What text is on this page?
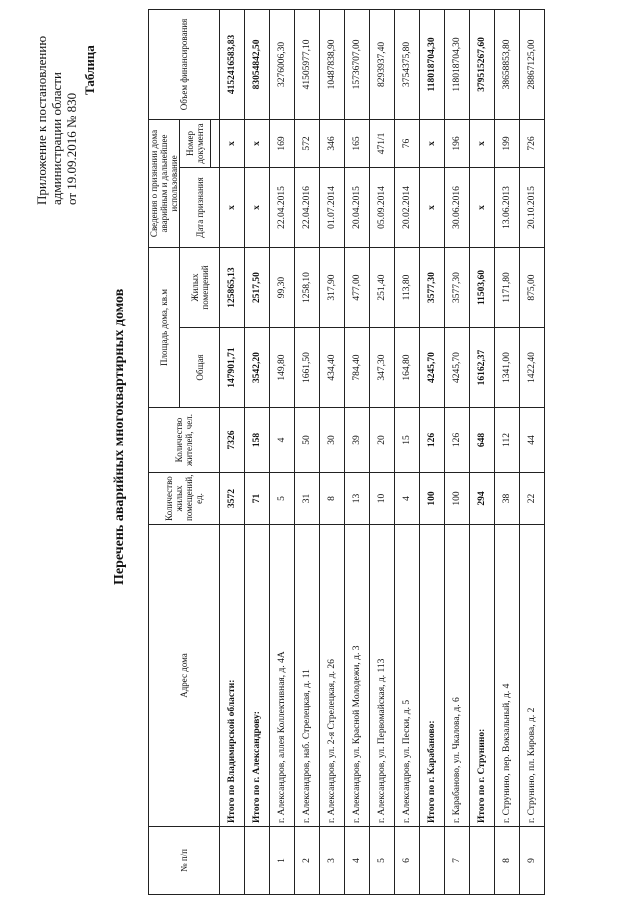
Приложение к постановлению администрации области от 19.09.2016 № 830
Таблица
Перечень аварийных многоквартирных домов
№ п/п	Адрес дома	Количество жилых помещений, ед.	Количество жителей, чел.	Площадь дома, кв.м		Сведения о признании дома аварийным и дальнейшее использование		Объем финансирования
				Общая	Жилых помещений	Дата признания	Номер документа	

	Итого по Владимирской области:	3572	7326	147901,71	125865,13	х	х	4152416583,83
	Итого по г. Александрову:	71	158	3542,20	2517,50	х	х	83054842,50
1	г. Александров, аллея Коллективная, д. 4А	5	4	149,80	99,30	22.04.2015	169	3276006,30
2	г. Александров, наб. Стрелецкая, д. 11	31	50	1661,50	1258,10	22.04.2016	572	41505977,10
3	г. Александров, ул. 2-я Стрелецкая, д. 26	8	30	434,40	317,90	01.07.2014	346	10487838,90
4	г. Александров, ул. Красной Молодежи, д. 3	13	39	784,40	477,00	20.04.2015	165	15736707,00
5	г. Александров, ул. Первомайская, д. 113	10	20	347,30	251,40	05.09.2014	471/1	8293937,40
6	г. Александров, ул. Пески, д. 5	4	15	164,80	113,80	20.02.2014	76	3754375,80
	Итого по г. Карабаново:	100	126	4245,70	3577,30	х	х	118018704,30
7	г. Карабаново, ул. Чкалова, д. 6	100	126	4245,70	3577,30	30.06.2016	196	118018704,30
	Итого по г. Струнино:	294	648	16162,37	11503,60	х	х	379515267,60
8	г. Струнино, пер. Вокзальный, д. 4	38	112	1341,00	1171,80	13.06.2013	199	38658853,80
9	г. Струнино, пл. Кирова, д. 2	22	44	1422,40	875,00	20.10.2015	726	28867125,00
